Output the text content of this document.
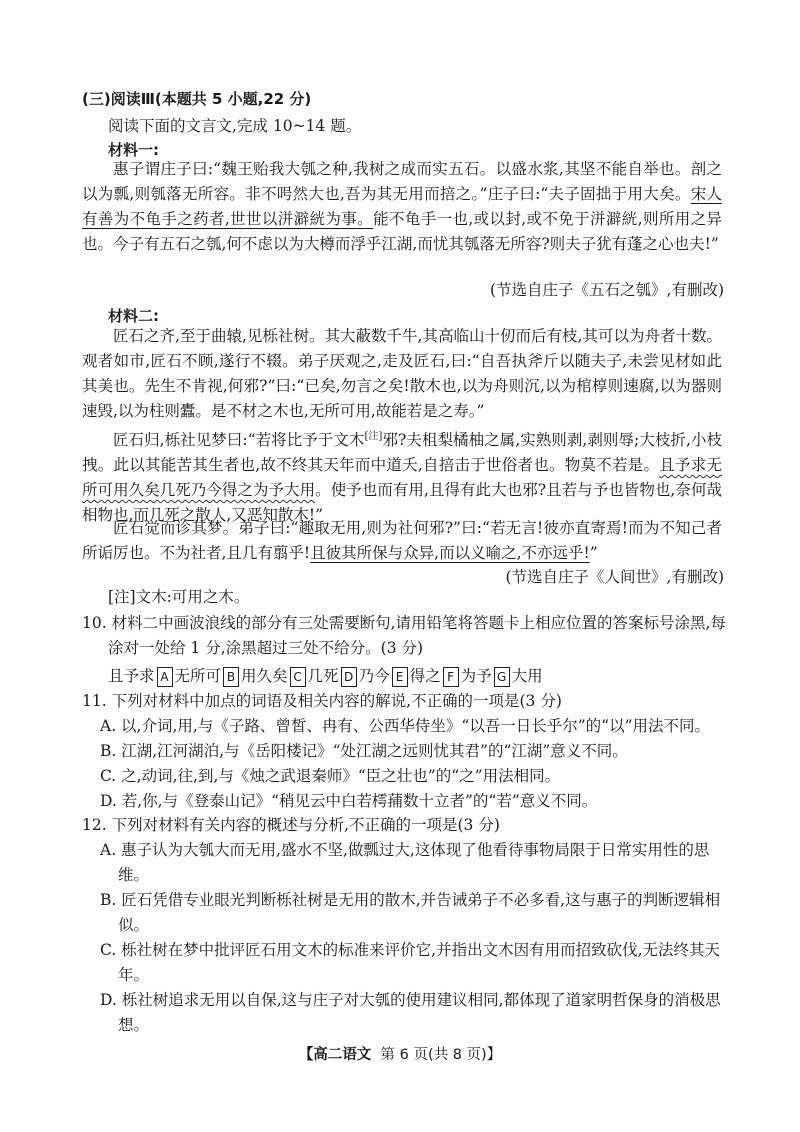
(三)阅读Ⅲ(本题共 5 小题,22 分)
阅读下面的文言文,完成 10~14 题。
材料一:
惠子谓庄子曰:“魏王贻我大瓠之种,我树之成而实五石。以盛水浆,其坚不能自举也。剖之以为瓢,则瓠落无所容。非不呺然大也,吾为其无用而掊之。”庄子曰:“夫子固拙于用大矣。宋人有善为不龟手之药者,世世以洴澼絖为事。能不龟手一也,或以封,或不免于洴澼絖,则所用之异也。今子有五石之瓠,何不虑以为大樽而浮乎江湖,而忧其瓠落无所容?则夫子犹有蓬之心也夫!”
(节选自庄子《五石之瓠》,有删改)
材料二:
匠石之齐,至于曲辕,见栎社树。其大蔽数千牛,其高临山十仞而后有枝,其可以为舟者十数。观者如市,匠石不顾,遂行不辍。弟子厌观之,走及匠石,曰:“自吾执斧斤以随夫子,未尝见材如此其美也。先生不肯视,何邪?”曰:“已矣,勿言之矣!散木也,以为舟则沉,以为棺椁则速腐,以为器则速毁,以为柱则蠹。是不材之木也,无所可用,故能若是之寿。”
匠石归,栎社见梦曰:“若将比予于文木[注]邪?夫柤梨橘柚之属,实熟则剥,剥则辱;大枝折,小枝拽。此以其能苦其生者也,故不终其天年而中道夭,自掊击于世俗者也。物莫不若是。且予求无所可用久矣几死乃今得之为予大用。使予也而有用,且得有此大也邪?且若与予也皆物也,奈何哉相物也,而几死之散人,又恶知散木!”
匠石觉而诊其梦。弟子曰:“趣取无用,则为社何邪?”曰:“若无言!彼亦直寄焉!而为不知己者所诟厉也。不为社者,且几有翦乎!且彼其所保与众异,而以义喻之,不亦远乎!”
(节选自庄子《人间世》,有删改)
[注]文木:可用之木。
10. 材料二中画波浪线的部分有三处需要断句,请用铅笔将答题卡上相应位置的答案标号涂黑,每涂对一处给 1 分,涂黑超过三处不给分。(3 分)
且予求 A 无所可 B 用久矣 C 几死 D 乃今 E 得之 F 为予 G 大用
11. 下列对材料中加点的词语及相关内容的解说,不正确的一项是(3 分)
A. 以,介词,用,与《子路、曾皙、冉有、公西华侍坐》“以吾一日长乎尔”的“以”用法不同。
B. 江湖,江河湖泊,与《岳阳楼记》“处江湖之远则忧其君”的“江湖”意义不同。
C. 之,动词,往,到,与《烛之武退秦师》“臣之壮也”的“之”用法相同。
D. 若,你,与《登泰山记》“稍见云中白若樗蒱数十立者”的“若”意义不同。
12. 下列对材料有关内容的概述与分析,不正确的一项是(3 分)
A. 惠子认为大瓠大而无用,盛水不坚,做瓢过大,这体现了他看待事物局限于日常实用性的思维。
B. 匠石凭借专业眼光判断栎社树是无用的散木,并告诫弟子不必多看,这与惠子的判断逻辑相似。
C. 栎社树在梦中批评匠石用文木的标准来评价它,并指出文木因有用而招致砍伐,无法终其天年。
D. 栎社树追求无用以自保,这与庄子对大瓠的使用建议相同,都体现了道家明哲保身的消极思想。
【高二语文 第 6 页(共 8 页)】
